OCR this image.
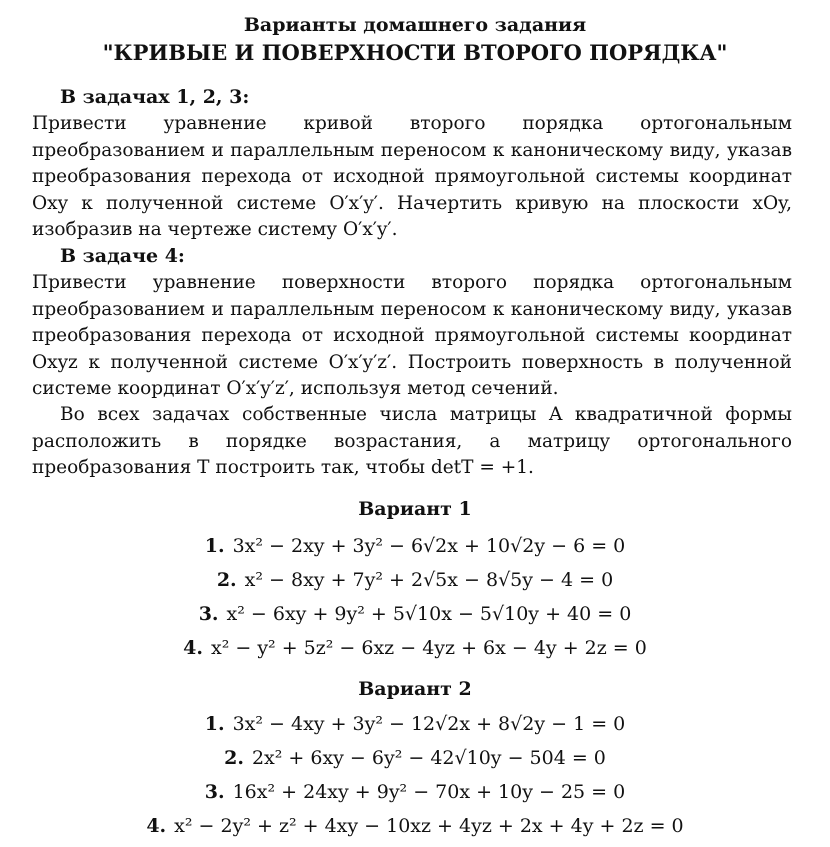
Варианты домашнего задания
"КРИВЫЕ И ПОВЕРХНОСТИ ВТОРОГО ПОРЯДКА"
В задачах 1, 2, 3:
Привести уравнение кривой второго порядка ортогональным преобразованием и параллельным переносом к каноническому виду, указав преобразования перехода от исходной прямоугольной системы координат Oxy к полученной системе O′x′y′. Начертить кривую на плоскости xOy, изобразив на чертеже систему O′x′y′.
В задаче 4:
Привести уравнение поверхности второго порядка ортогональным преобразованием и параллельным переносом к каноническому виду, указав преобразования перехода от исходной прямоугольной системы координат Oxyz к полученной системе O′x′y′z′. Построить поверхность в полученной системе координат O′x′y′z′, используя метод сечений.
Во всех задачах собственные числа матрицы A квадратичной формы расположить в порядке возрастания, а матрицу ортогонального преобразования T построить так, чтобы detT = +1.
Вариант 1
1. 3x² − 2xy + 3y² − 6√2x + 10√2y − 6 = 0
2. x² − 8xy + 7y² + 2√5x − 8√5y − 4 = 0
3. x² − 6xy + 9y² + 5√10x − 5√10y + 40 = 0
4. x² − y² + 5z² − 6xz − 4yz + 6x − 4y + 2z = 0
Вариант 2
1. 3x² − 4xy + 3y² − 12√2x + 8√2y − 1 = 0
2. 2x² + 6xy − 6y² − 42√10y − 504 = 0
3. 16x² + 24xy + 9y² − 70x + 10y − 25 = 0
4. x² − 2y² + z² + 4xy − 10xz + 4yz + 2x + 4y + 2z = 0
